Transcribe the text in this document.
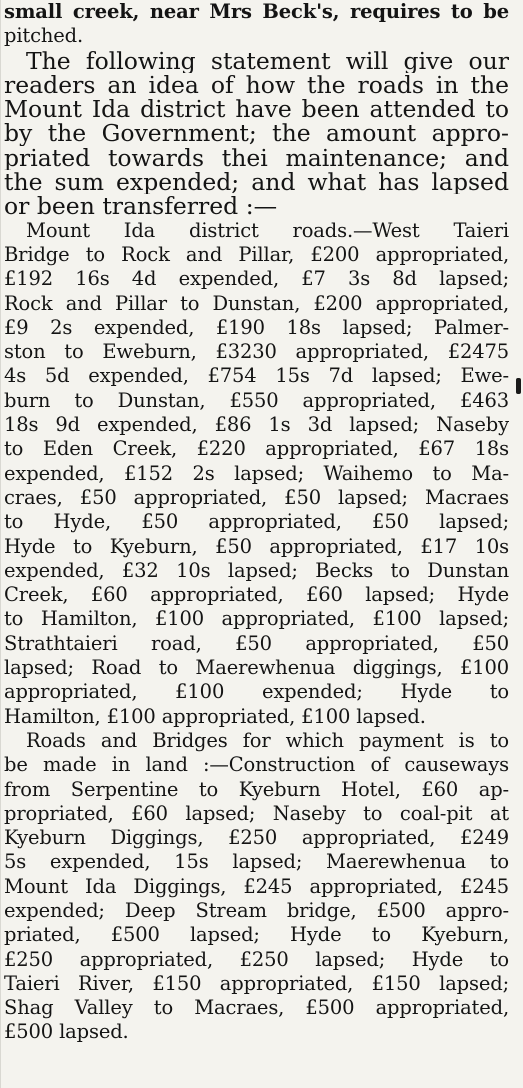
small creek, near Mrs Beck's, requires to be
pitched.
The following statement will give our
readers an idea of how the roads in the
Mount Ida district have been attended to
by the Government; the amount appro-
priated towards thei maintenance; and
the sum expended; and what has lapsed
or been transferred :—
Mount Ida district roads.—West Taieri
Bridge to Rock and Pillar, £200 appropriated,
£192 16s 4d expended, £7 3s 8d lapsed;
Rock and Pillar to Dunstan, £200 appropriated,
£9 2s expended, £190 18s lapsed; Palmer-
ston to Eweburn, £3230 appropriated, £2475
4s 5d expended, £754 15s 7d lapsed; Ewe-
burn to Dunstan, £550 appropriated, £463
18s 9d expended, £86 1s 3d lapsed; Naseby
to Eden Creek, £220 appropriated, £67 18s
expended, £152 2s lapsed; Waihemo to Ma-
craes, £50 appropriated, £50 lapsed; Macraes
to Hyde, £50 appropriated, £50 lapsed;
Hyde to Kyeburn, £50 appropriated, £17 10s
expended, £32 10s lapsed; Becks to Dunstan
Creek, £60 appropriated, £60 lapsed; Hyde
to Hamilton, £100 appropriated, £100 lapsed;
Strathtaieri road, £50 appropriated, £50
lapsed; Road to Maerewhenua diggings, £100
appropriated, £100 expended; Hyde to
Hamilton, £100 appropriated, £100 lapsed.
Roads and Bridges for which payment is to
be made in land :—Construction of causeways
from Serpentine to Kyeburn Hotel, £60 ap-
propriated, £60 lapsed; Naseby to coal-pit at
Kyeburn Diggings, £250 appropriated, £249
5s expended, 15s lapsed; Maerewhenua to
Mount Ida Diggings, £245 appropriated, £245
expended; Deep Stream bridge, £500 appro-
priated, £500 lapsed; Hyde to Kyeburn,
£250 appropriated, £250 lapsed; Hyde to
Taieri River, £150 appropriated, £150 lapsed;
Shag Valley to Macraes, £500 appropriated,
£500 lapsed.
